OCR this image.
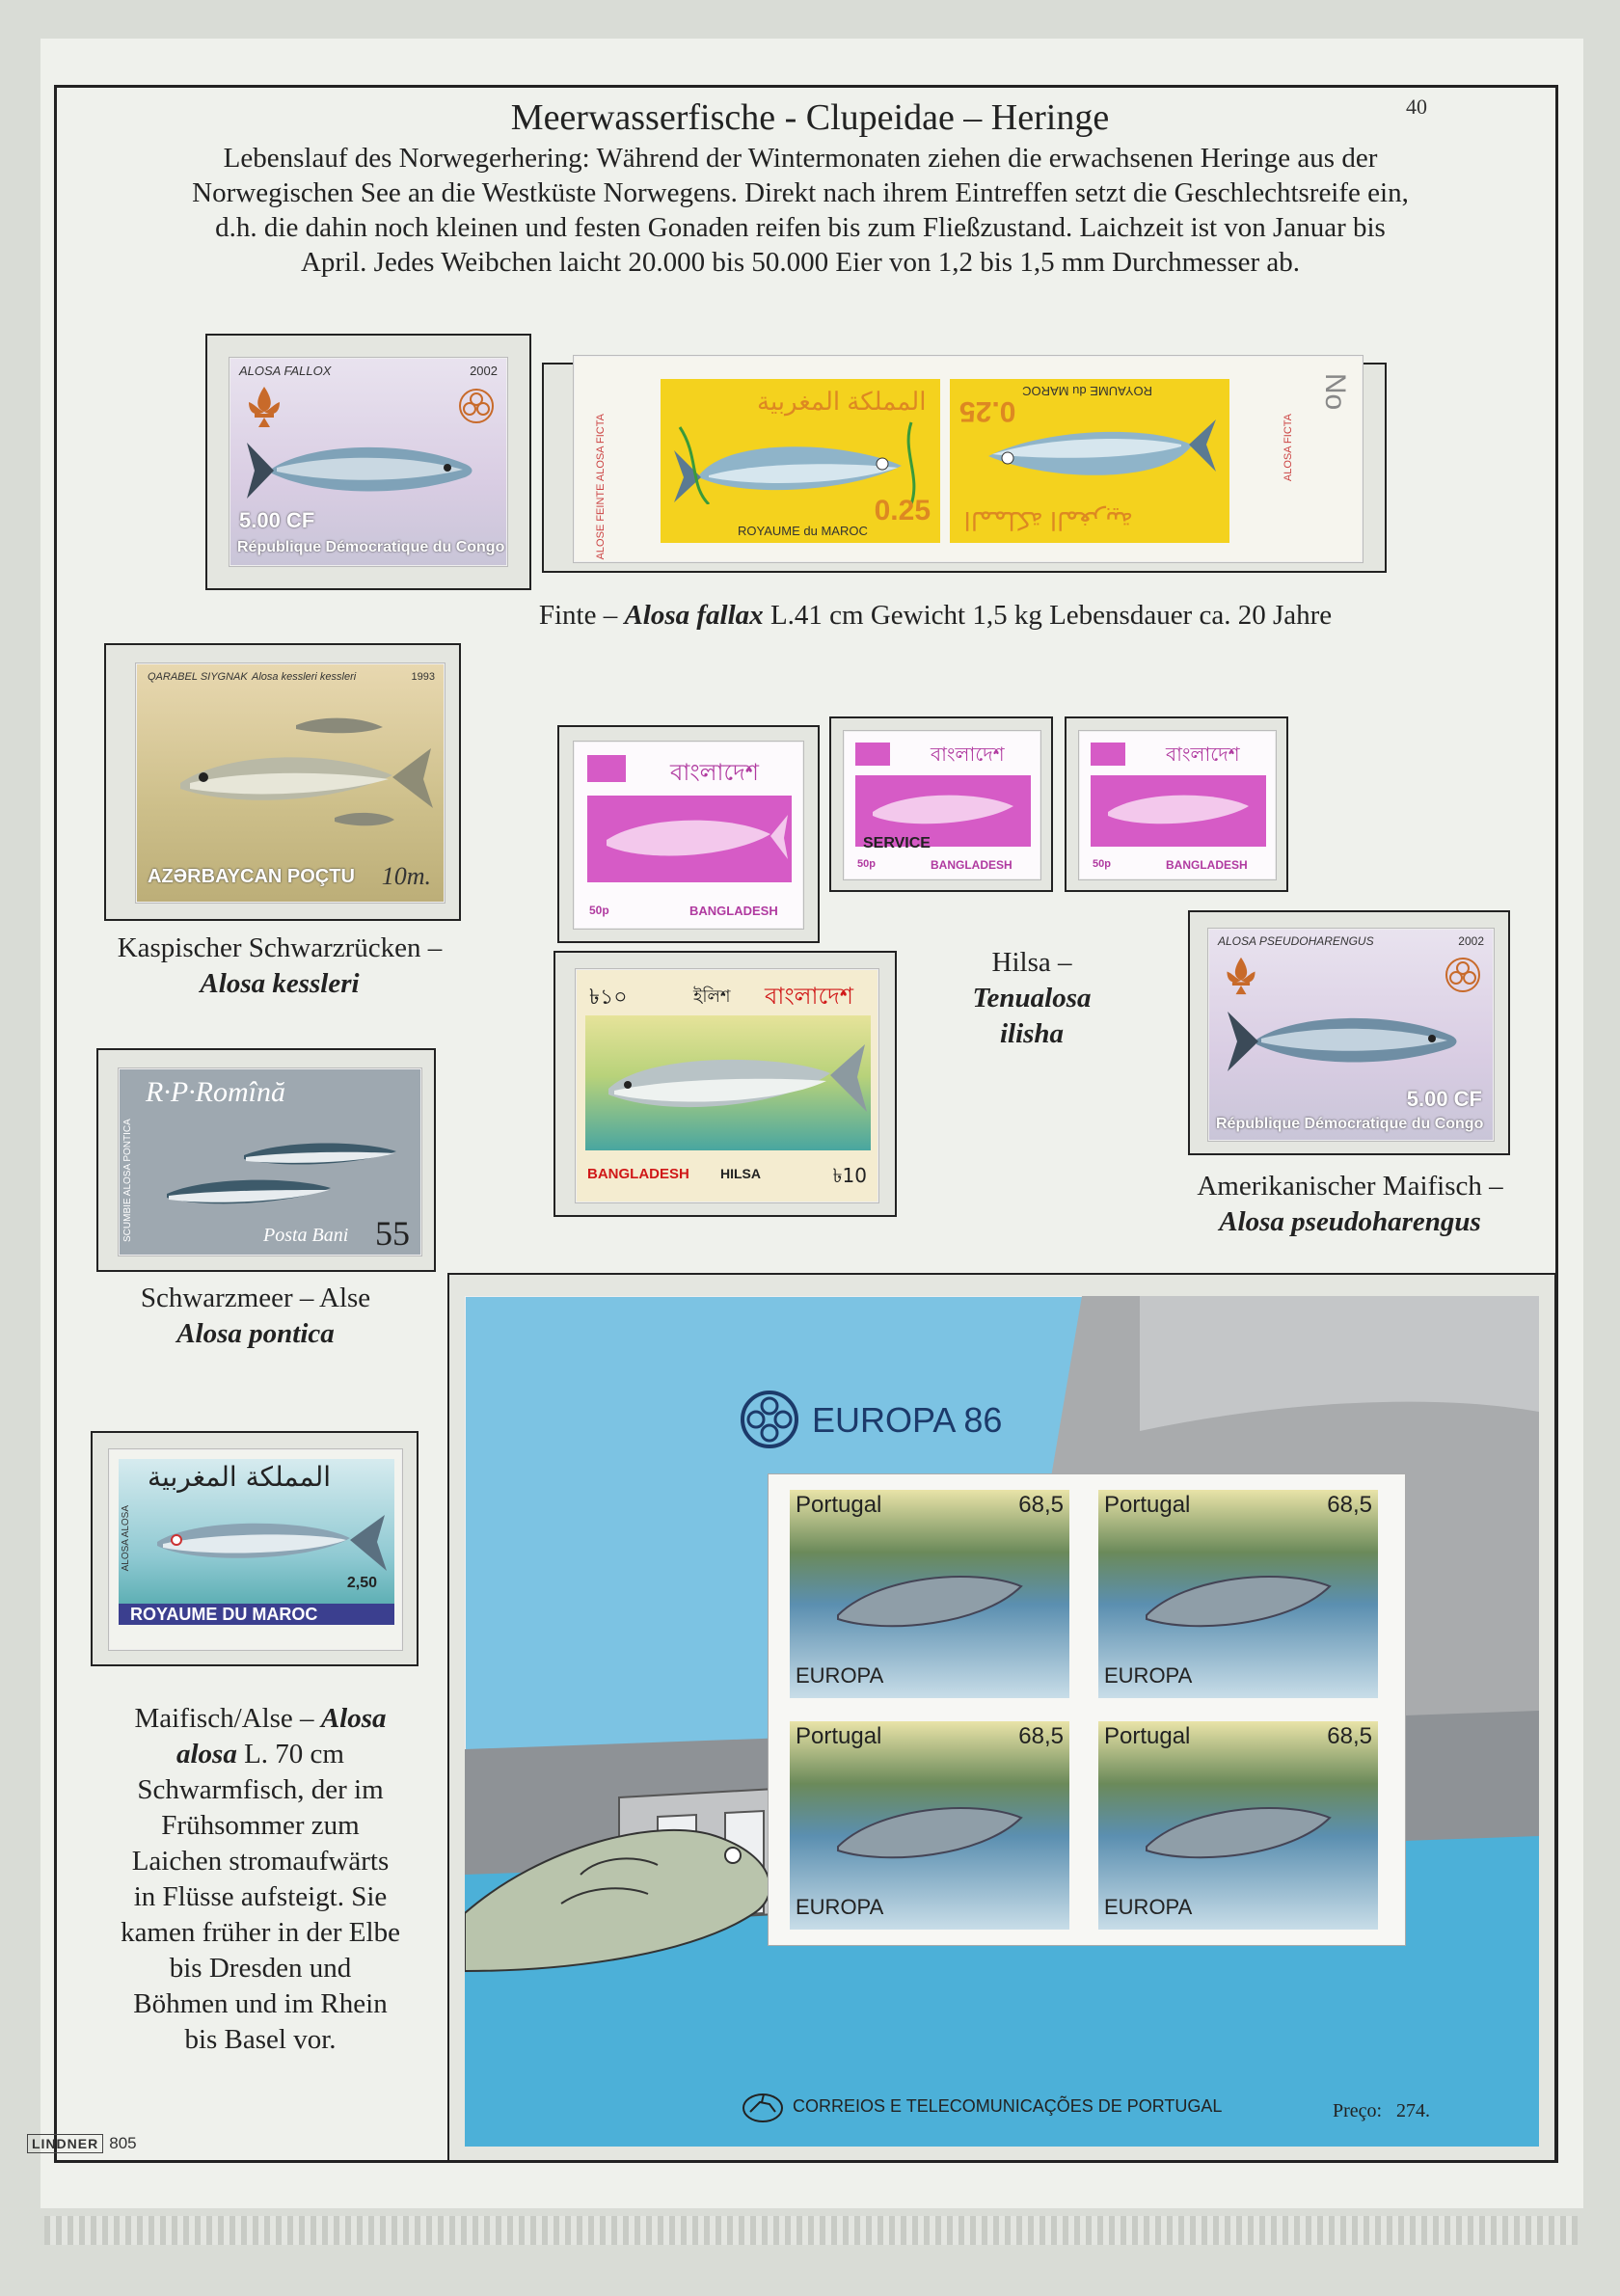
40
Meerwasserfische - Clupeidae – Heringe
Lebenslauf des Norwegerhering: Während der Wintermonaten ziehen die erwachsenen Heringe aus der
Norwegischen See an die Westküste Norwegens. Direkt nach ihrem Eintreffen setzt die Geschlechtsreife ein,
d.h. die dahin noch kleinen und festen Gonaden reifen bis zum Fließzustand. Laichzeit ist von Januar bis
April. Jedes Weibchen laicht 20.000 bis 50.000 Eier von 1,2 bis 1,5 mm Durchmesser ab.
ALOSA FALLOX	2002
5.00 CF
République Démocratique du Congo	ALOSE FEINTE ALOSA FICTA
المملكة المغربية
0.25
ROYAUME du MAROC	المملكة المغربية
0.25
ROYAUME du MAROC
ALOSA FICTA
No
Finte – Alosa fallax L.41 cm Gewicht 1,5 kg Lebensdauer ca. 20 Jahre
QARABEL SIYGNAK Alosa kessleri kessleri	1993
AZƏRBAYCAN POÇTU 10m.
Kaspischer Schwarzrücken –
Alosa kessleri
বাংলাদেশ
50p	BANGLADESH
বাংলাদেশ
SERVICE
50p	BANGLADESH
বাংলাদেশ
50p	BANGLADESH
৳১০	ইলিশ বাংলাদেশ
BANGLADESH HILSA	৳10
Hilsa –
Tenualosa
ilisha
ALOSA PSEUDOHARENGUS	2002
5.00 CF
République Démocratique du Congo
Amerikanischer Maifisch –
Alosa pseudoharengus
R·P·Romînă
SCUMBIE ALOSA PONTICA	Posta Bani 55
Schwarzmeer – Alse
Alosa pontica
المملكة المغربية
ALOSA ALOSA
2,50
ROYAUME DU MAROC
Maifisch/Alse – Alosa
alosa L. 70 cm
Schwarmfisch, der im
Frühsommer zum
Laichen stromaufwärts
in Flüsse aufsteigt. Sie
kamen früher in der Elbe
bis Dresden und
Böhmen und im Rhein
bis Basel vor.
EUROPA 86
Portugal	68,5
EUROPA
Portugal	68,5
EUROPA
Portugal	68,5
EUROPA
Portugal	68,5
EUROPA
CORREIOS E TELECOMUNICAÇÕES DE PORTUGAL	Preço: 274.
LINDNER 805
